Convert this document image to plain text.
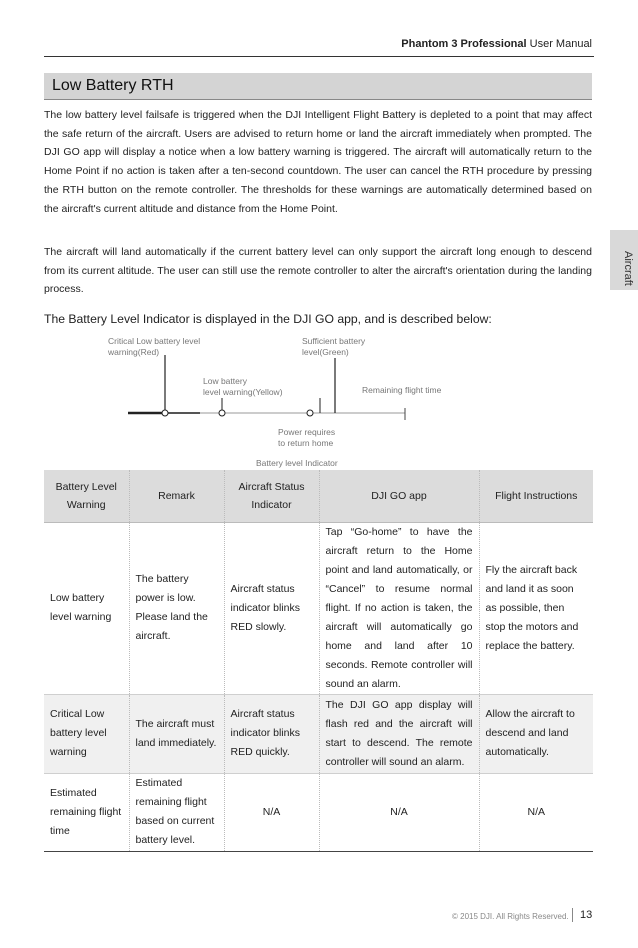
Phantom 3 Professional User Manual
Aircraft
Low Battery RTH
The low battery level failsafe is triggered when the DJI Intelligent Flight Battery is depleted to a point that may affect the safe return of the aircraft. Users are advised to return home or land the aircraft immediately when prompted. The DJI GO app will display a notice when a low battery warning is triggered. The aircraft will automatically return to the Home Point if no action is taken after a ten-second countdown. The user can cancel the RTH procedure by pressing the RTH button on the remote controller. The thresholds for these warnings are automatically determined based on the aircraft's current altitude and distance from the Home Point.
The aircraft will land automatically if the current battery level can only support the aircraft long enough to descend from its current altitude. The user can still use the remote controller to alter the aircraft's orientation during the landing process.
The Battery Level Indicator is displayed in the DJI GO app, and is described below:
Critical Low battery level
warning(Red)
Sufficient battery
level(Green)
Low battery
level warning(Yellow)	Remaining flight time
Power requires
to return home
Battery level Indicator
Battery Level Warning	Remark	Aircraft Status Indicator	DJI GO app	Flight Instructions
Low battery level warning	The battery power is low. Please land the aircraft.	Aircraft status indicator blinks RED slowly.	Tap “Go-home” to have the aircraft return to the Home point and land automatically, or “Cancel” to resume normal flight. If no action is taken, the aircraft will automatically go home and land after 10 seconds. Remote controller will sound an alarm.	Fly the aircraft back and land it as soon as possible, then stop the motors and replace the battery.
Critical Low battery level warning	The aircraft must land immediately.	Aircraft status indicator blinks RED quickly.	The DJI GO app display will flash red and the aircraft will start to descend. The remote controller will sound an alarm.	Allow the aircraft to descend and land automatically.
Estimated remaining flight time	Estimated remaining flight based on current battery level.	N/A	N/A	N/A
© 2015 DJI. All Rights Reserved. 13
